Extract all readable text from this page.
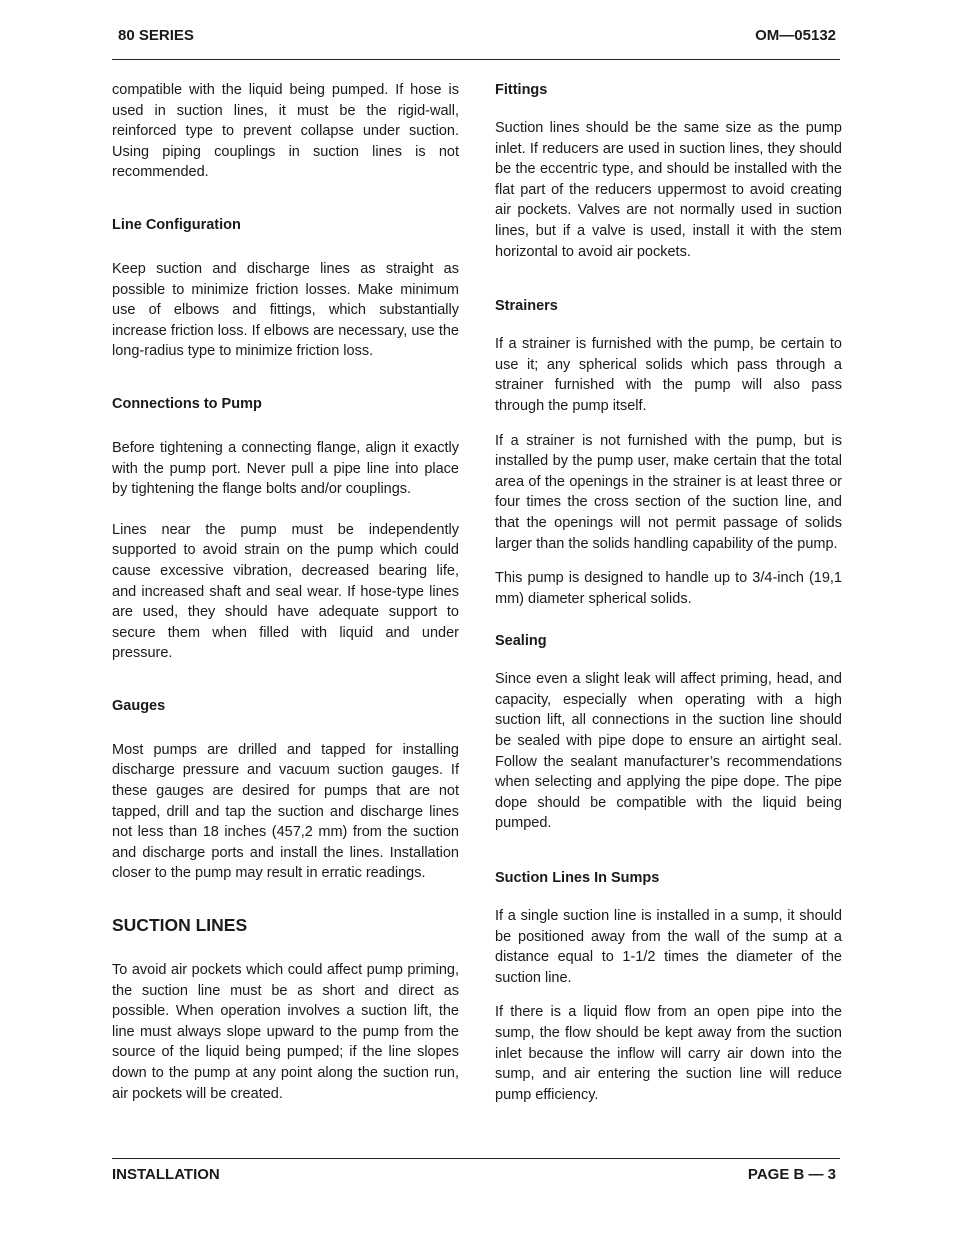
80 SERIES	OM—05132

compatible with the liquid being pumped. If hose is used in suction lines, it must be the rigid-wall, reinforced type to prevent collapse under suction. Using piping couplings in suction lines is not recommended.

Line Configuration

Keep suction and discharge lines as straight as possible to minimize friction losses. Make minimum use of elbows and fittings, which substantially increase friction loss. If elbows are necessary, use the long-radius type to minimize friction loss.

Connections to Pump

Before tightening a connecting flange, align it exactly with the pump port. Never pull a pipe line into place by tightening the flange bolts and/or couplings.

Lines near the pump must be independently supported to avoid strain on the pump which could cause excessive vibration, decreased bearing life, and increased shaft and seal wear. If hose-type lines are used, they should have adequate support to secure them when filled with liquid and under pressure.

Gauges

Most pumps are drilled and tapped for installing discharge pressure and vacuum suction gauges. If these gauges are desired for pumps that are not tapped, drill and tap the suction and discharge lines not less than 18 inches (457,2 mm) from the suction and discharge ports and install the lines. Installation closer to the pump may result in erratic readings.

SUCTION LINES

To avoid air pockets which could affect pump priming, the suction line must be as short and direct as possible. When operation involves a suction lift, the line must always slope upward to the pump from the source of the liquid being pumped; if the line slopes down to the pump at any point along the suction run, air pockets will be created.

Fittings

Suction lines should be the same size as the pump inlet. If reducers are used in suction lines, they should be the eccentric type, and should be installed with the flat part of the reducers uppermost to avoid creating air pockets. Valves are not normally used in suction lines, but if a valve is used, install it with the stem horizontal to avoid air pockets.

Strainers

If a strainer is furnished with the pump, be certain to use it; any spherical solids which pass through a strainer furnished with the pump will also pass through the pump itself.

If a strainer is not furnished with the pump, but is installed by the pump user, make certain that the total area of the openings in the strainer is at least three or four times the cross section of the suction line, and that the openings will not permit passage of solids larger than the solids handling capability of the pump.

This pump is designed to handle up to 3/4-inch (19,1 mm) diameter spherical solids.

Sealing

Since even a slight leak will affect priming, head, and capacity, especially when operating with a high suction lift, all connections in the suction line should be sealed with pipe dope to ensure an airtight seal. Follow the sealant manufacturer’s recommendations when selecting and applying the pipe dope. The pipe dope should be compatible with the liquid being pumped.

Suction Lines In Sumps

If a single suction line is installed in a sump, it should be positioned away from the wall of the sump at a distance equal to 1-1/2 times the diameter of the suction line.

If there is a liquid flow from an open pipe into the sump, the flow should be kept away from the suction inlet because the inflow will carry air down into the sump, and air entering the suction line will reduce pump efficiency.

INSTALLATION	PAGE B — 3
